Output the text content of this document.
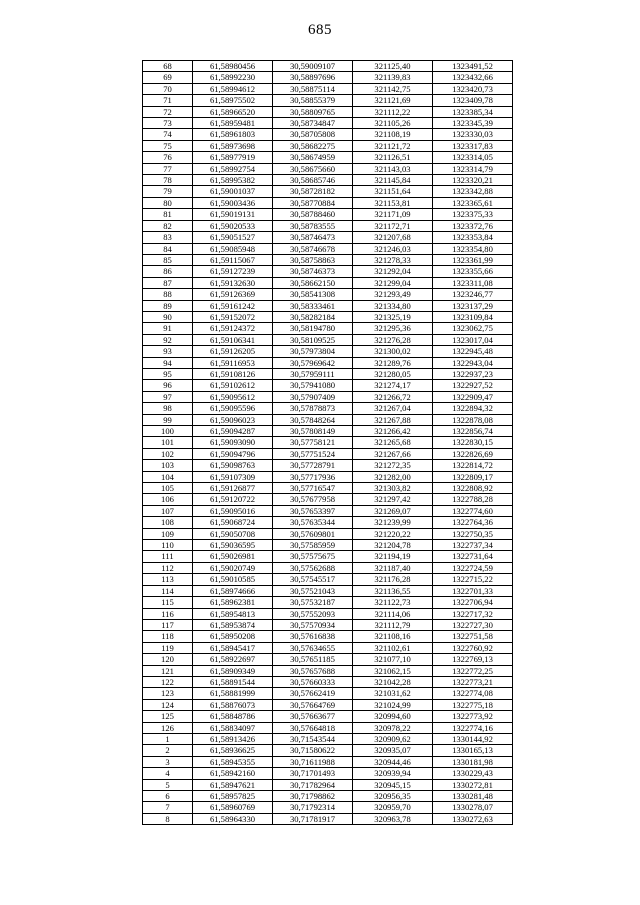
685
68	61,58980456	30,59009107	321125,40	1323491,52
69	61,58992230	30,58897696	321139,83	1323432,66
70	61,58994612	30,58875114	321142,75	1323420,73
71	61,58975502	30,58855379	321121,69	1323409,78
72	61,58966520	30,58809765	321112,22	1323385,34
73	61,58959481	30,58734847	321105,26	1323345,39
74	61,58961803	30,58705808	321108,19	1323330,03
75	61,58973698	30,58682275	321121,72	1323317,83
76	61,58977919	30,58674959	321126,51	1323314,05
77	61,58992754	30,58675660	321143,03	1323314,79
78	61,58995382	30,58685746	321145,84	1323320,21
79	61,59001037	30,58728182	321151,64	1323342,88
80	61,59003436	30,58770884	321153,81	1323365,61
81	61,59019131	30,58788460	321171,09	1323375,33
82	61,59020533	30,58783555	321172,71	1323372,76
83	61,59051527	30,58746473	321207,68	1323353,84
84	61,59085948	30,58746678	321246,03	1323354,80
85	61,59115067	30,58758863	321278,33	1323361,99
86	61,59127239	30,58746373	321292,04	1323355,66
87	61,59132630	30,58662150	321299,04	1323311,08
88	61,59126369	30,58541308	321293,49	1323246,77
89	61,59161242	30,58333461	321334,80	1323137,29
90	61,59152072	30,58282184	321325,19	1323109,84
91	61,59124372	30,58194780	321295,36	1323062,75
92	61,59106341	30,58109525	321276,28	1323017,04
93	61,59126205	30,57973804	321300,02	1322945,48
94	61,59116953	30,57969642	321289,76	1322943,04
95	61,59108126	30,57959111	321280,05	1322937,23
96	61,59102612	30,57941080	321274,17	1322927,52
97	61,59095612	30,57907409	321266,72	1322909,47
98	61,59095596	30,57878873	321267,04	1322894,32
99	61,59096023	30,57848264	321267,88	1322878,08
100	61,59094287	30,57808149	321266,42	1322856,74
101	61,59093090	30,57758121	321265,68	1322830,15
102	61,59094796	30,57751524	321267,66	1322826,69
103	61,59098763	30,57728791	321272,35	1322814,72
104	61,59107309	30,57717936	321282,00	1322809,17
105	61,59126877	30,57716547	321303,82	1322808,92
106	61,59120722	30,57677958	321297,42	1322788,28
107	61,59095016	30,57653397	321269,07	1322774,60
108	61,59068724	30,57635344	321239,99	1322764,36
109	61,59050708	30,57609801	321220,22	1322750,35
110	61,59036595	30,57585959	321204,78	1322737,34
111	61,59026981	30,57575675	321194,19	1322731,64
112	61,59020749	30,57562688	321187,40	1322724,59
113	61,59010585	30,57545517	321176,28	1322715,22
114	61,58974666	30,57521043	321136,55	1322701,33
115	61,58962381	30,57532187	321122,73	1322706,94
116	61,58954813	30,57552093	321114,06	1322717,32
117	61,58953874	30,57570934	321112,79	1322727,30
118	61,58950208	30,57616838	321108,16	1322751,58
119	61,58945417	30,57634655	321102,61	1322760,92
120	61,58922697	30,57651185	321077,10	1322769,13
121	61,58909349	30,57657688	321062,15	1322772,25
122	61,58891544	30,57660333	321042,28	1322773,21
123	61,58881999	30,57662419	321031,62	1322774,08
124	61,58876073	30,57664769	321024,99	1322775,18
125	61,58848786	30,57663677	320994,60	1322773,92
126	61,58834097	30,57664818	320978,22	1322774,16
1	61,58913426	30,71543544	320909,62	1330144,92
2	61,58936625	30,71580622	320935,07	1330165,13
3	61,58945355	30,71611988	320944,46	1330181,98
4	61,58942160	30,71701493	320939,94	1330229,43
5	61,58947621	30,71782964	320945,15	1330272,81
6	61,58957825	30,71798862	320956,35	1330281,48
7	61,58960769	30,71792314	320959,70	1330278,07
8	61,58964330	30,71781917	320963,78	1330272,63
